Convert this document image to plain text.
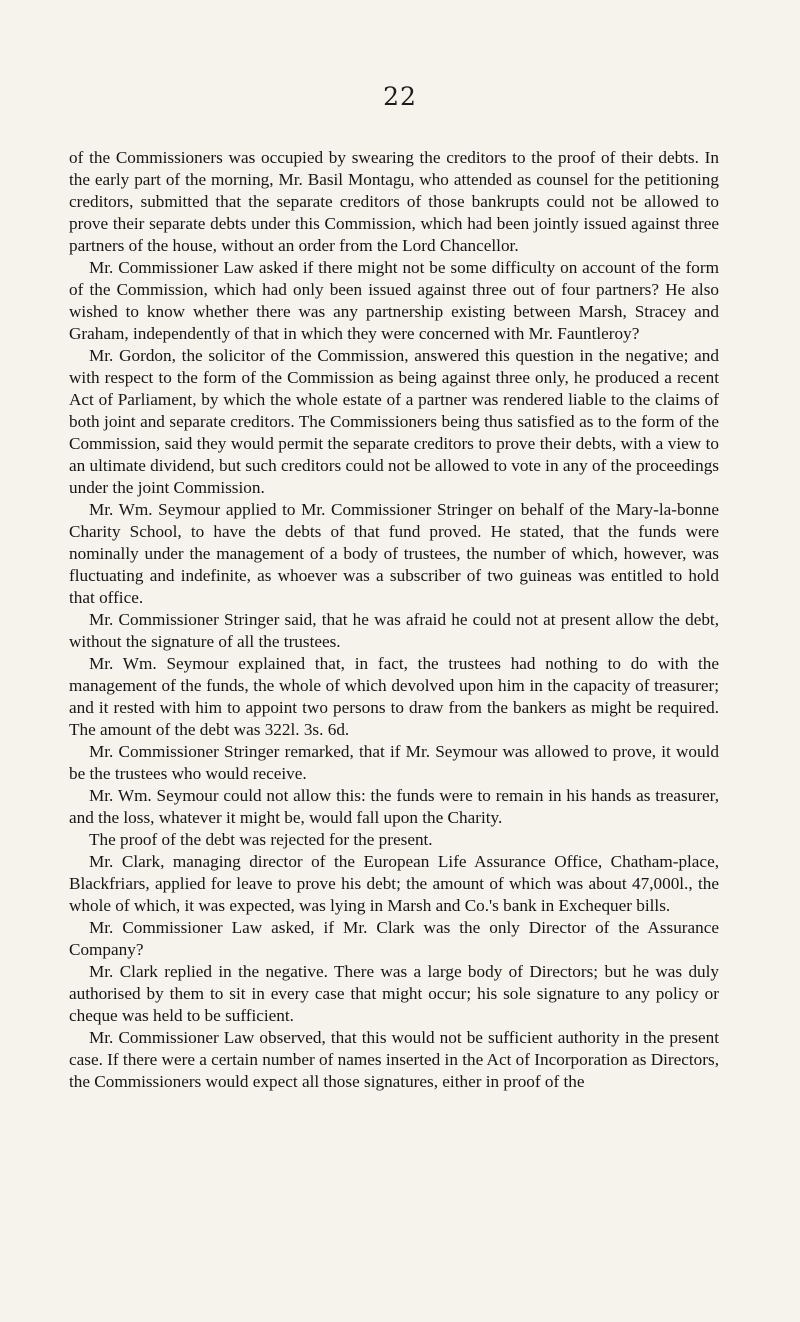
22

of the Commissioners was occupied by swearing the creditors to the proof of their debts. In the early part of the morning, Mr. Basil Montagu, who attended as counsel for the petitioning creditors, submitted that the separate creditors of those bankrupts could not be allowed to prove their separate debts under this Commission, which had been jointly issued against three partners of the house, without an order from the Lord Chancellor.

Mr. Commissioner Law asked if there might not be some difficulty on account of the form of the Commission, which had only been issued against three out of four partners? He also wished to know whether there was any partnership existing between Marsh, Stracey and Graham, independently of that in which they were concerned with Mr. Fauntleroy?

Mr. Gordon, the solicitor of the Commission, answered this question in the negative; and with respect to the form of the Commission as being against three only, he produced a recent Act of Parliament, by which the whole estate of a partner was rendered liable to the claims of both joint and separate creditors. The Commissioners being thus satisfied as to the form of the Commission, said they would permit the separate creditors to prove their debts, with a view to an ultimate dividend, but such creditors could not be allowed to vote in any of the proceedings under the joint Commission.

Mr. Wm. Seymour applied to Mr. Commissioner Stringer on behalf of the Mary-la-bonne Charity School, to have the debts of that fund proved. He stated, that the funds were nominally under the management of a body of trustees, the number of which, however, was fluctuating and indefinite, as whoever was a subscriber of two guineas was entitled to hold that office.

Mr. Commissioner Stringer said, that he was afraid he could not at present allow the debt, without the signature of all the trustees.

Mr. Wm. Seymour explained that, in fact, the trustees had nothing to do with the management of the funds, the whole of which devolved upon him in the capacity of treasurer; and it rested with him to appoint two persons to draw from the bankers as might be required. The amount of the debt was 322l. 3s. 6d.

Mr. Commissioner Stringer remarked, that if Mr. Seymour was allowed to prove, it would be the trustees who would receive.

Mr. Wm. Seymour could not allow this: the funds were to remain in his hands as treasurer, and the loss, whatever it might be, would fall upon the Charity.

The proof of the debt was rejected for the present.

Mr. Clark, managing director of the European Life Assurance Office, Chatham-place, Blackfriars, applied for leave to prove his debt; the amount of which was about 47,000l., the whole of which, it was expected, was lying in Marsh and Co.'s bank in Exchequer bills.

Mr. Commissioner Law asked, if Mr. Clark was the only Director of the Assurance Company?

Mr. Clark replied in the negative. There was a large body of Directors; but he was duly authorised by them to sit in every case that might occur; his sole signature to any policy or cheque was held to be sufficient.

Mr. Commissioner Law observed, that this would not be sufficient authority in the present case. If there were a certain number of names inserted in the Act of Incorporation as Directors, the Commissioners would expect all those signatures, either in proof of the
